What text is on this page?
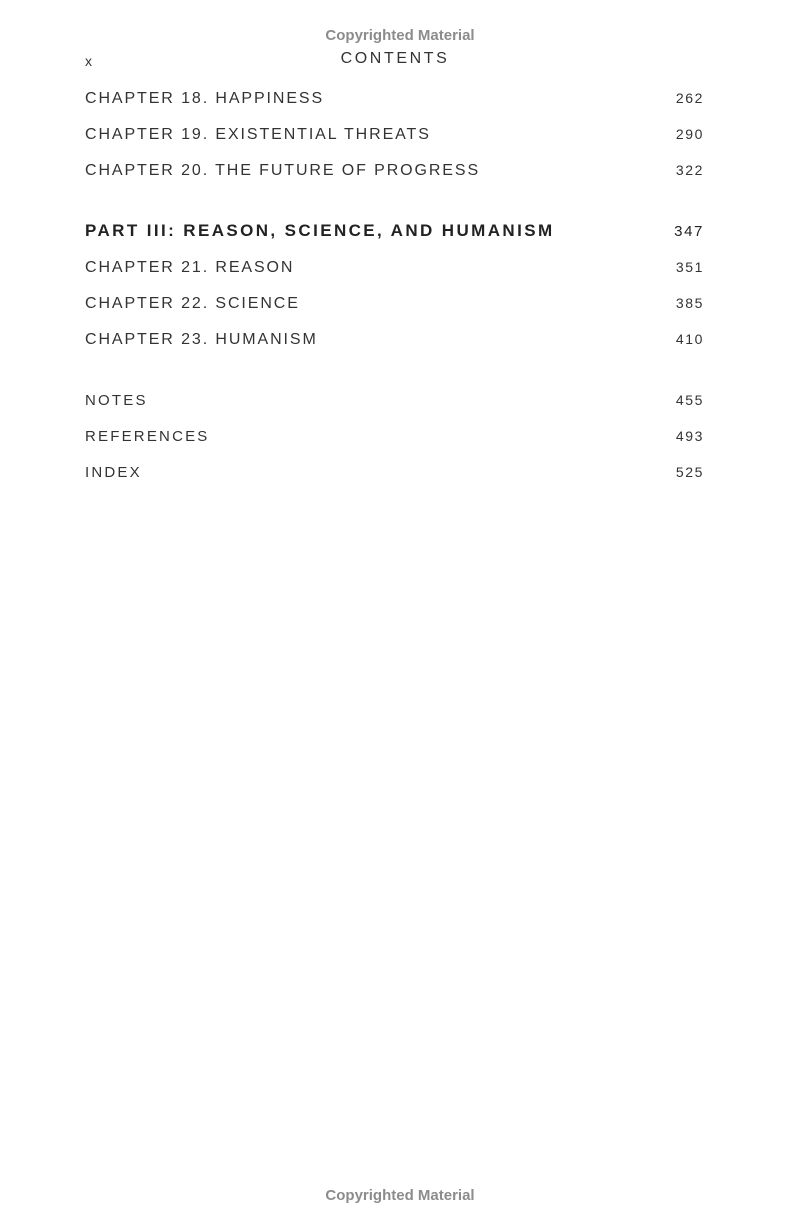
Copyrighted Material
x	CONTENTS
CHAPTER 18. HAPPINESS	262
CHAPTER 19. EXISTENTIAL THREATS	290
CHAPTER 20. THE FUTURE OF PROGRESS	322
PART III: REASON, SCIENCE, AND HUMANISM	347
CHAPTER 21. REASON	351
CHAPTER 22. SCIENCE	385
CHAPTER 23. HUMANISM	410
NOTES	455
REFERENCES	493
INDEX	525
Copyrighted Material
